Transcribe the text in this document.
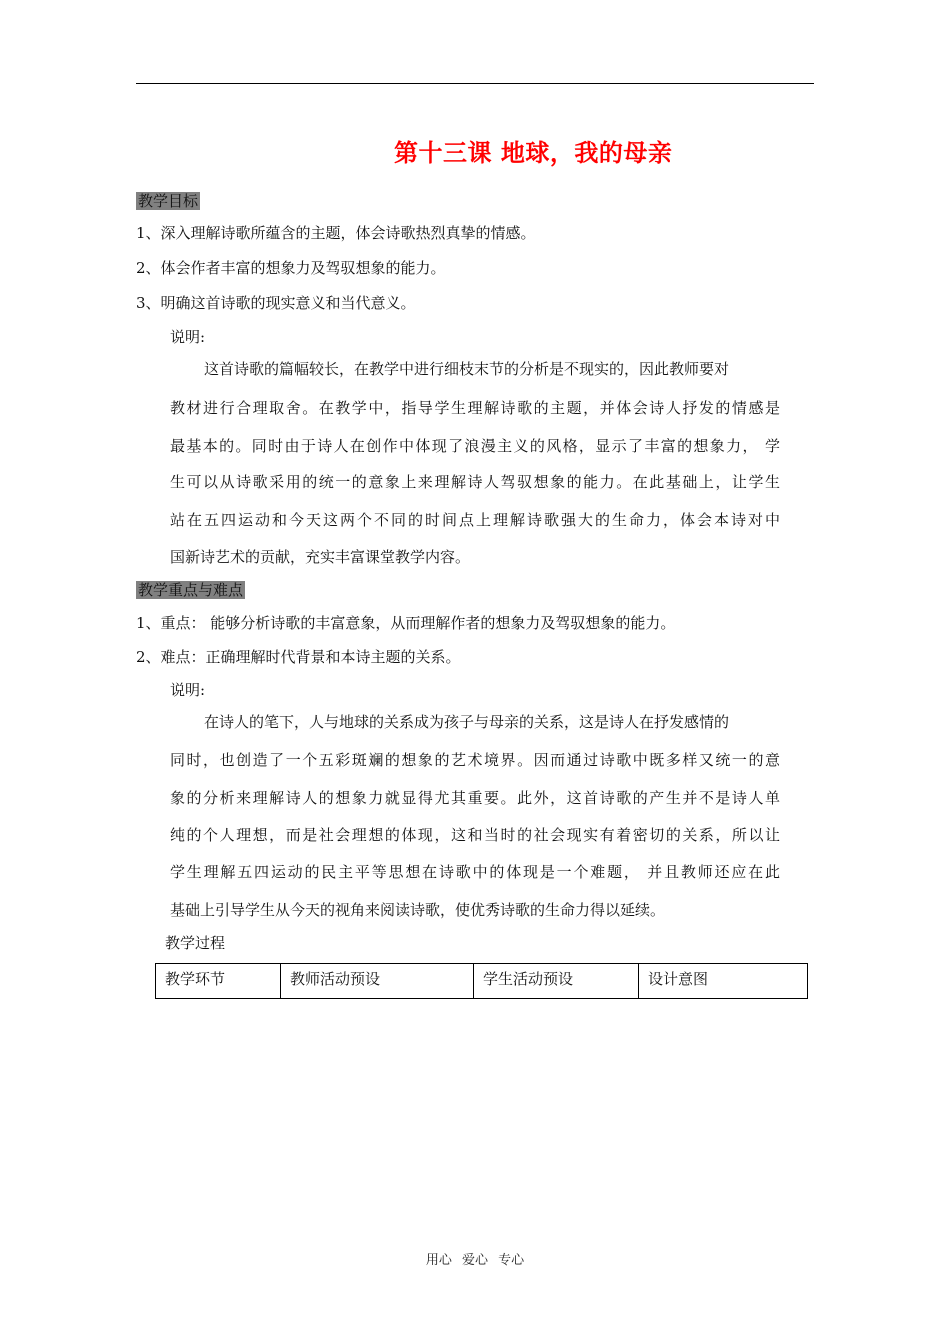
第十三课 地球，我的母亲
教学目标
1、深入理解诗歌所蕴含的主题，体会诗歌热烈真挚的情感。
2、体会作者丰富的想象力及驾驭想象的能力。
3、明确这首诗歌的现实意义和当代意义。
说明:
这首诗歌的篇幅较长，在教学中进行细枝末节的分析是不现实的，因此教师要对
教材进行合理取舍。在教学中，指导学生理解诗歌的主题，并体会诗人抒发的情感是
最基本的。同时由于诗人在创作中体现了浪漫主义的风格，显示了丰富的想象力， 学
生可以从诗歌采用的统一的意象上来理解诗人驾驭想象的能力。在此基础上，让学生
站在五四运动和今天这两个不同的时间点上理解诗歌强大的生命力，体会本诗对中
国新诗艺术的贡献，充实丰富课堂教学内容。
教学重点与难点
1、重点： 能够分析诗歌的丰富意象，从而理解作者的想象力及驾驭想象的能力。
2、难点：正确理解时代背景和本诗主题的关系。
说明:
在诗人的笔下，人与地球的关系成为孩子与母亲的关系，这是诗人在抒发感情的
同时，也创造了一个五彩斑斓的想象的艺术境界。因而通过诗歌中既多样又统一的意
象的分析来理解诗人的想象力就显得尤其重要。此外，这首诗歌的产生并不是诗人单
纯的个人理想，而是社会理想的体现，这和当时的社会现实有着密切的关系，所以让
学生理解五四运动的民主平等思想在诗歌中的体现是一个难题， 并且教师还应在此
基础上引导学生从今天的视角来阅读诗歌，使优秀诗歌的生命力得以延续。
教学过程
教学环节	教师活动预设	学生活动预设	设计意图
用心 爱心 专心
